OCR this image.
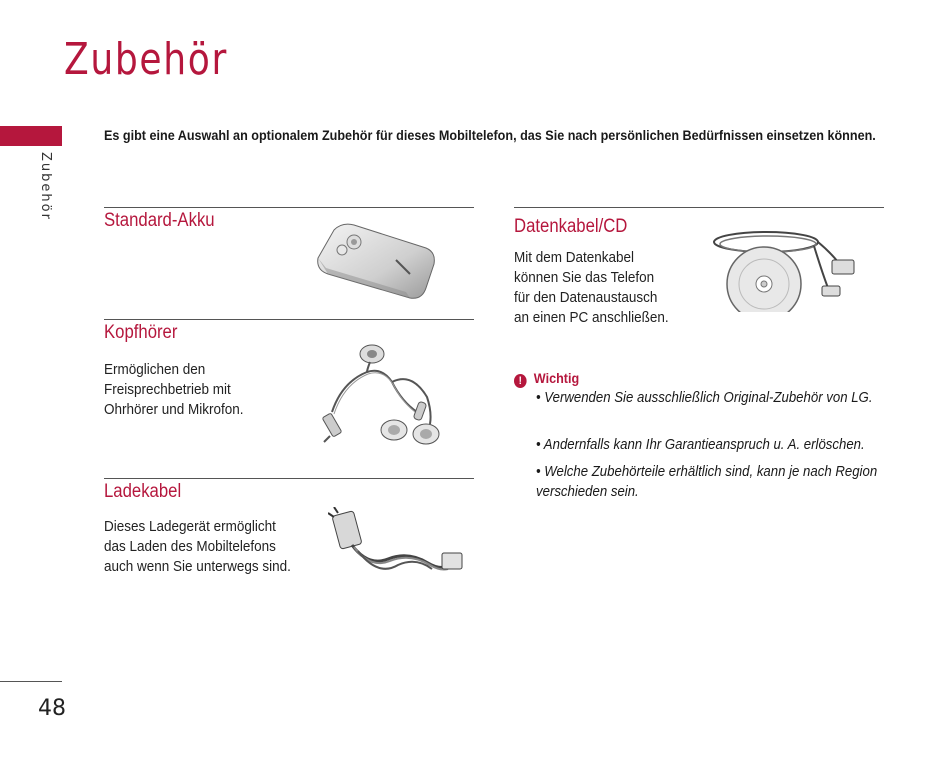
Zubehör
Zubehör
48
Es gibt eine Auswahl an optionalem Zubehör für dieses Mobiltelefon, das Sie nach persönlichen Bedürfnissen einsetzen können.
Standard-Akku
Kopfhörer
Ermöglichen den
Freisprechbetrieb mit
Ohrhörer und Mikrofon.
Ladekabel
Dieses Ladegerät ermöglicht
das Laden des Mobiltelefons
auch wenn Sie unterwegs sind.
Datenkabel/CD
Mit dem Datenkabel
können Sie das Telefon
für den Datenaustausch
an einen PC anschließen.
! Wichtig
• Verwenden Sie ausschließlich Original-Zubehör von LG.
• Andernfalls kann Ihr Garantieanspruch u. A. erlöschen.
• Welche Zubehörteile erhältlich sind, kann je nach Region verschieden sein.
